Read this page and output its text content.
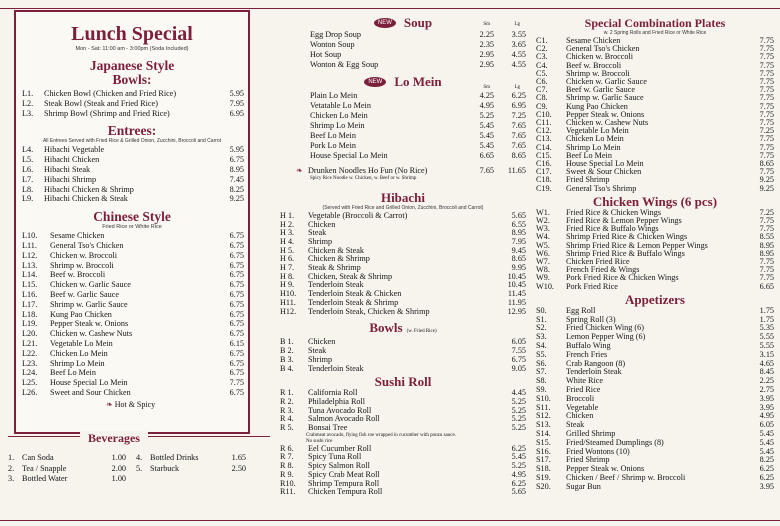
Lunch Special
Mon - Sat: 11:00 am - 3:00pm (Soda Included)
Japanese Style
Bowls:
L1.	Chicken Bowl (Chicken and Fried Rice)	5.95
L2.	Steak Bowl (Steak and Fried Rice)	7.95
L3.	Shrimp Bowl (Shrimp and Fried Rice)	6.95
Entrees:
All Entrees Served with Fried Rice & Grilled Onion, Zucchini, Broccoli and Carrot
L4.	Hibachi Vegetable	5.95
L5.	Hibachi Chicken	6.75
L6.	Hibachi Steak	8.95
L7.	Hibachi Shrimp	7.45
L8.	Hibachi Chicken & Shrimp	8.25
L9.	Hibachi Chicken & Steak	9.25
Chinese Style
Fried Rice or White Rice
L10.	Sesame Chicken	6.75
L11.	General Tso's Chicken	6.75
L12.	Chicken w. Broccoli	6.75
L13.	Shrimp w. Broccoli	6.75
L14.	Beef w. Broccoli	6.75
L15.	Chicken w. Garlic Sauce	6.75
L16.	Beef w. Garlic Sauce	6.75
L17.	Shrimp w. Garlic Sauce	6.75
L18.	Kung Pao Chicken	6.75
L19.	Pepper Steak w. Onions	6.75
L20.	Chicken w. Cashew Nuts	6.75
L21.	Vegetable Lo Mein	6.15
L22.	Chicken Lo Mein	6.75
L23.	Shrimp Lo Mein	6.75
L24.	Beef Lo Mein	6.75
L25.	House Special Lo Mein	7.75
L26.	Sweet and Sour Chicken	6.75
❧ Hot & Spicy
Beverages
1. Can Soda	1.00
2. Tea / Snapple	2.00
3. Bottled Water	1.00
4. Bottled Drinks	1.65
5. Starbuck	2.50
NEW Soup	Sm	Lg
Egg Drop Soup	2.25	3.55
Wonton Soup	2.35	3.65
Hot Soup	2.95	4.55
Wonton & Egg Soup	2.95	4.55
NEW Lo Mein	Sm	Lg
Plain Lo Mein	4.25	6.25
Vetatable Lo Mein	4.95	6.95
Chicken Lo Mein	5.25	7.25
Shrimp Lo Mein	5.45	7.65
Beef Lo Mein	5.45	7.65
Pork Lo Mein	5.45	7.65
House Special Lo Mein	6.65	8.65
❧ Drunken Noodles Ho Fun (No Rice)	7.65	11.65
Spicy Rice Noodle w. Chicken, w. Beef or w. Shrimp
Hibachi
(Served with Fried Rice and Grilled Onion, Zucchini, Broccoli and Carrot)
H 1.	Vegetable (Broccoli & Carrot)	5.65
H 2.	Chicken	6.55
H 3.	Steak	8.95
H 4.	Shrimp	7.95
H 5.	Chicken & Steak	9.45
H 6.	Chicken & Shrimp	8.65
H 7.	Steak & Shrimp	9.95
H 8.	Chicken, Steak & Shrimp	10.45
H 9.	Tenderloin Steak	10.45
H10.	Tenderloin Steak & Chicken	11.45
H11.	Tenderloin Steak & Shrimp	11.95
H12.	Tenderloin Steak, Chicken & Shrimp	12.95
Bowls (w. Fried Rice)
B 1.	Chicken	6.05
B 2.	Steak	7.55
B 3.	Shrimp	6.75
B 4.	Tenderloin Steak	9.05
Sushi Roll
R 1.	California Roll	4.45
R 2.	Philadelphia Roll	5.25
R 3.	Tuna Avocado Roll	5.25
R 4.	Salmon Avocado Roll	5.25
R 5.	Bonsai Tree	5.25
Crabmeat avocado, flying fish roe wrapped in cucumber with ponzu sauce. No sushi rice
R 6.	Eel Cucumber Roll	6.25
R 7.	Spicy Tuna Roll	5.45
R 8.	Spicy Salmon Roll	5.25
R 9.	Spicy Crab Meat Roll	4.95
R10.	Shrimp Tempura Roll	6.25
R11.	Chicken Tempura Roll	5.65
Special Combination Plates
w. 2 Spring Rolls and Fried Rice or White Rice
C1.	Sesame Chicken	7.75
C2.	General Tso's Chicken	7.75
C3.	Chicken w. Broccoli	7.75
C4.	Beef w. Broccoli	7.75
C5.	Shrimp w. Broccoli	7.75
C6.	Chicken w. Garlic Sauce	7.75
C7.	Beef w. Garlic Sauce	7.75
C8.	Shrimp w. Garlic Sauce	7.75
C9.	Kung Pao Chicken	7.75
C10.	Pepper Steak w. Onions	7.75
C11.	Chicken w. Cashew Nuts	7.75
C12.	Vegetable Lo Mein	7.25
C13.	Chicken Lo Mein	7.75
C14.	Shrimp Lo Mein	7.75
C15.	Beef Lo Mein	7.75
C16.	House Special Lo Mein	8.65
C17.	Sweet & Sour Chicken	7.75
C18.	Fried Shrimp	9.25
C19.	General Tso's Shrimp	9.25
Chicken Wings (6 pcs)
W1.	Fried Rice & Chicken Wings	7.25
W2.	Fried Rice & Lemon Pepper Wings	7.75
W3.	Fried Rice & Buffalo Wings	7.75
W4.	Shrimp Fried Rice & Chicken Wings	8.55
W5.	Shrimp Fried Rice & Lemon Pepper Wings	8.95
W6.	Shrimp Fried Rice & Buffalo Wings	8.95
W7.	Chicken Fried Rice	7.75
W8.	French Fried & Wings	7.75
W9.	Pork Fried Rice & Chicken Wings	7.75
W10.	Pork Fried Rice	6.65
Appetizers
S0.	Egg Roll	1.75
S1.	Spring Roll (3)	1.75
S2.	Fried Chicken Wing (6)	5.35
S3.	Lemon Pepper Wing (6)	5.55
S4.	Buffalo Wing	5.55
S5.	French Fries	3.15
S6.	Crab Rangoon (8)	4.65
S7.	Tenderloin Steak	8.45
S8.	White Rice	2.25
S9.	Fried Rice	2.75
S10.	Broccoli	3.95
S11.	Vegetable	3.95
S12.	Chicken	4.95
S13.	Steak	6.05
S14.	Grilled Shrimp	5.45
S15.	Fried/Steamed Dumplings (8)	5.45
S16.	Fried Wontons (10)	5.45
S17.	Fried Shrimp	8.25
S18.	Pepper Steak w. Onions	6.25
S19.	Chicken / Beef / Shrimp w. Broccoli	6.25
S20.	Sugar Bun	3.95
